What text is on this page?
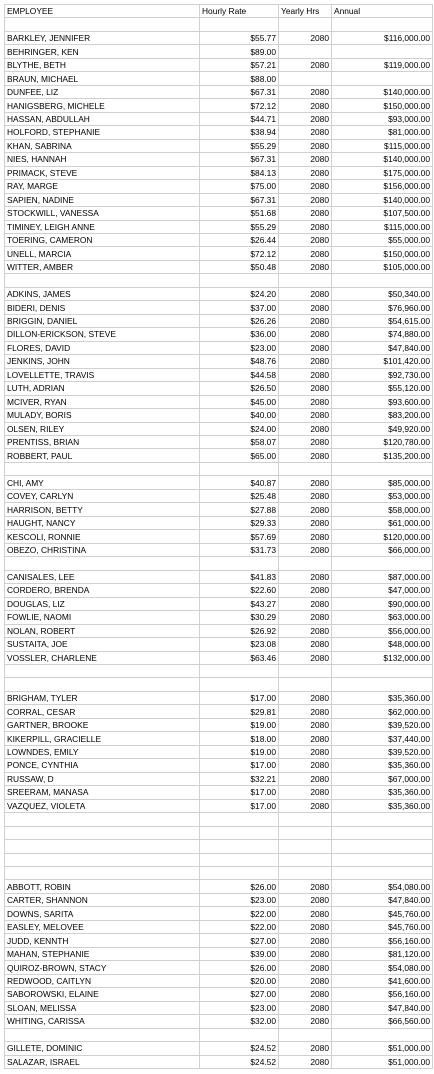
EMPLOYEE	Hourly Rate	Yearly Hrs	Annual

BARKLEY, JENNIFER	$55.77	2080	$116,000.00
BEHRINGER, KEN	$89.00		
BLYTHE, BETH	$57.21	2080	$119,000.00
BRAUN, MICHAEL	$88.00		
DUNFEE, LIZ	$67.31	2080	$140,000.00
HANIGSBERG, MICHELE	$72.12	2080	$150,000.00
HASSAN, ABDULLAH	$44.71	2080	$93,000.00
HOLFORD, STEPHANIE	$38.94	2080	$81,000.00
KHAN, SABRINA	$55.29	2080	$115,000.00
NIES, HANNAH	$67.31	2080	$140,000.00
PRIMACK, STEVE	$84.13	2080	$175,000.00
RAY, MARGE	$75.00	2080	$156,000.00
SAPIEN, NADINE	$67.31	2080	$140,000.00
STOCKWILL, VANESSA	$51.68	2080	$107,500.00
TIMINEY, LEIGH ANNE	$55.29	2080	$115,000.00
TOERING, CAMERON	$26.44	2080	$55,000.00
UNELL, MARCIA	$72.12	2080	$150,000.00
WITTER, AMBER	$50.48	2080	$105,000.00

ADKINS, JAMES	$24.20	2080	$50,340.00
BIDERI, DENIS	$37.00	2080	$76,960.00
BRIGGIN, DANIEL	$26.26	2080	$54,615.00
DILLON-ERICKSON, STEVE	$36.00	2080	$74,880.00
FLORES, DAVID	$23.00	2080	$47,840.00
JENKINS, JOHN	$48.76	2080	$101,420.00
LOVELLETTE, TRAVIS	$44.58	2080	$92,730.00
LUTH, ADRIAN	$26.50	2080	$55,120.00
MCIVER, RYAN	$45.00	2080	$93,600.00
MULADY, BORIS	$40.00	2080	$83,200.00
OLSEN, RILEY	$24.00	2080	$49,920.00
PRENTISS, BRIAN	$58.07	2080	$120,780.00
ROBBERT, PAUL	$65.00	2080	$135,200.00

CHI, AMY	$40.87	2080	$85,000.00
COVEY, CARLYN	$25.48	2080	$53,000.00
HARRISON, BETTY	$27.88	2080	$58,000.00
HAUGHT, NANCY	$29.33	2080	$61,000.00
KESCOLI, RONNIE	$57.69	2080	$120,000.00
OBEZO, CHRISTINA	$31.73	2080	$66,000.00

CANISALES, LEE	$41.83	2080	$87,000.00
CORDERO, BRENDA	$22.60	2080	$47,000.00
DOUGLAS, LIZ	$43.27	2080	$90,000.00
FOWLIE, NAOMI	$30.29	2080	$63,000.00
NOLAN, ROBERT	$26.92	2080	$56,000.00
SUSTAITA, JOE	$23.08	2080	$48,000.00
VOSSLER, CHARLENE	$63.46	2080	$132,000.00

BRIGHAM, TYLER	$17.00	2080	$35,360.00
CORRAL, CESAR	$29.81	2080	$62,000.00
GARTNER, BROOKE	$19.00	2080	$39,520.00
KIKERPILL, GRACIELLE	$18.00	2080	$37,440.00
LOWNDES, EMILY	$19.00	2080	$39,520.00
PONCE, CYNTHIA	$17.00	2080	$35,360.00
RUSSAW, D	$32.21	2080	$67,000.00
SREERAM, MANASA	$17.00	2080	$35,360.00
VAZQUEZ, VIOLETA	$17.00	2080	$35,360.00

ABBOTT, ROBIN	$26.00	2080	$54,080.00
CARTER, SHANNON	$23.00	2080	$47,840.00
DOWNS, SARITA	$22.00	2080	$45,760.00
EASLEY, MELOVEE	$22.00	2080	$45,760.00
JUDD, KENNTH	$27.00	2080	$56,160.00
MAHAN, STEPHANIE	$39.00	2080	$81,120.00
QUIROZ-BROWN, STACY	$26.00	2080	$54,080.00
REDWOOD, CAITLYN	$20.00	2080	$41,600.00
SABOROWSKI, ELAINE	$27.00	2080	$56,160.00
SLOAN, MELISSA	$23.00	2080	$47,840.00
WHITING, CARISSA	$32.00	2080	$66,560.00

GILLETE, DOMINIC	$24.52	2080	$51,000.00
SALAZAR, ISRAEL	$24.52	2080	$51,000.00
